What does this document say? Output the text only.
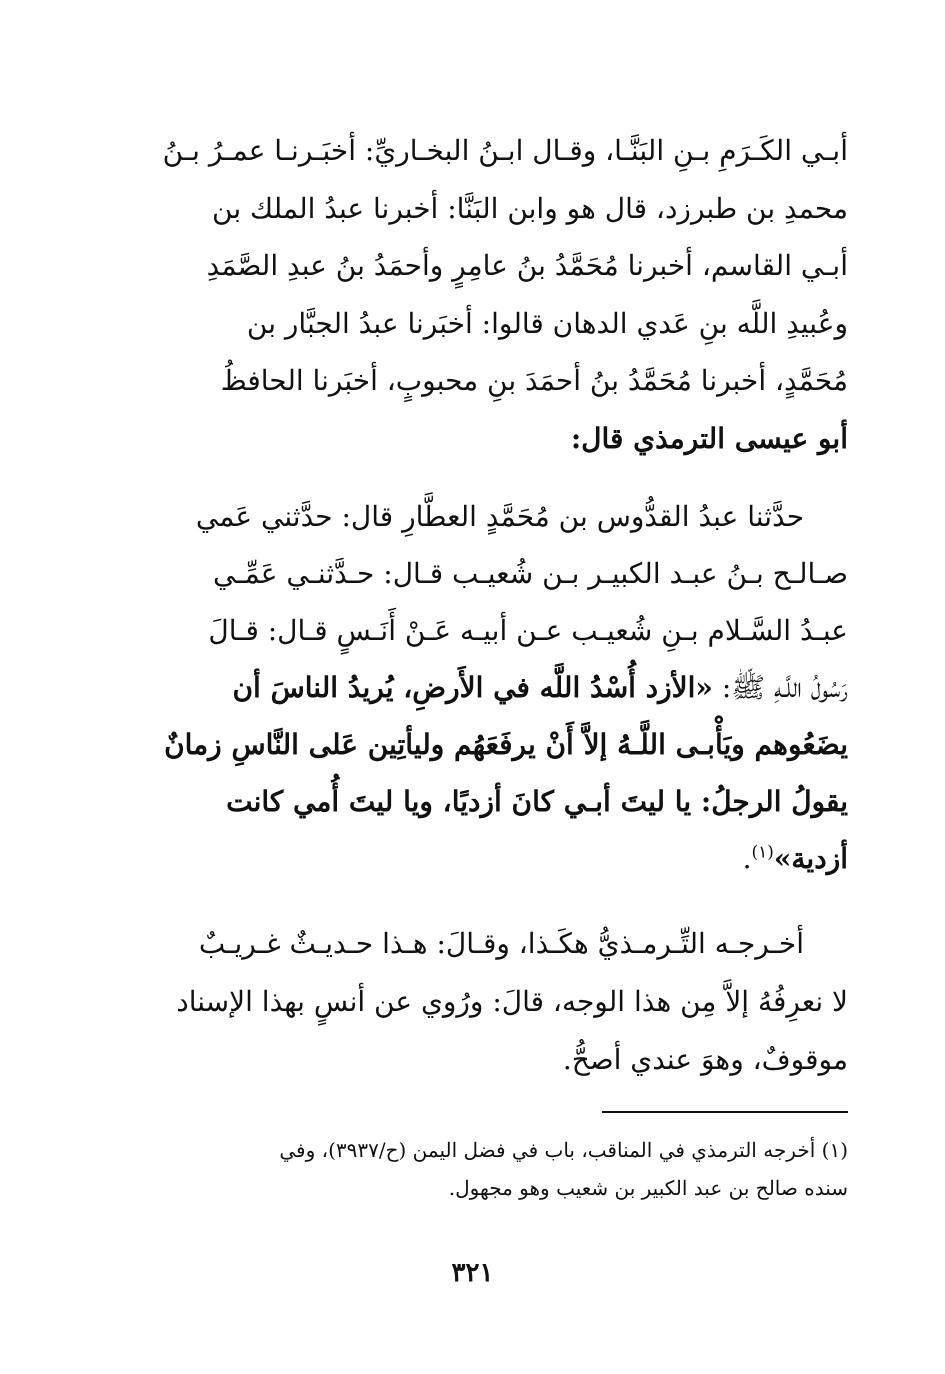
أبـي الكَـرَمِ بـنِ البَنَّـا، وقـال ابـنُ البخـاريِّ: أخبَـرنـا عمـرُ بـنُ
محمدِ بن طبرزد، قال هو وابن البَنَّا: أخبرنا عبدُ الملك بن
أبـي القاسم، أخبرنا مُحَمَّدُ بنُ عامِرٍ وأحمَدُ بنُ عبدِ الصَّمَدِ
وعُبيدِ اللَّه بنِ عَدي الدهان قالوا: أخبَرنا عبدُ الجبَّار بن
مُحَمَّدٍ، أخبرنا مُحَمَّدُ بنُ أحمَدَ بنِ محبوبٍ، أخبَرنا الحافظُ
أبو عيسى الترمذي قال:
حدَّثنا عبدُ القدُّوس بن مُحَمَّدٍ العطَّارِ قال: حدَّثني عَمي
صـالـح بـنُ عبـد الكبيـر بـن شُعيـب قـال: حـدَّثنـي عَمِّـي
عبـدُ السَّـلام بـنِ شُعيـب عـن أبيـه عَـنْ أَنَـسٍ قـال: قـالَ
رَسُولُ اللَّـهِ ﷺ: «الأزد أُسْدُ اللَّه في الأَرضِ، يُريدُ الناسَ أن
يضَعُوهم ويَأْبـى اللَّـهُ إلاَّ أَنْ يرفَعَهُم وليأتِين عَلى النَّاسِ زمانٌ
يقولُ الرجلُ: يا ليتَ أبـي كانَ أزديًا، ويا ليتَ أُمي كانت
أزدية»$^{(١)}$.
أخـرجـه التِّـرمـذيُّ هكَـذا، وقـالَ: هـذا حـديـثٌ غـريـبٌ
لا نعرِفُهُ إلاَّ مِن هذا الوجه، قالَ: ورُوي عن أنسٍ بهذا الإسناد
موقوفٌ، وهوَ عندي أصحُّ.
(١) أخرجه الترمذي في المناقب، باب في فضل اليمن (ح/٣٩٣٧)، وفي
سنده صالح بن عبد الكبير بن شعيب وهو مجهول.
٣٢١
